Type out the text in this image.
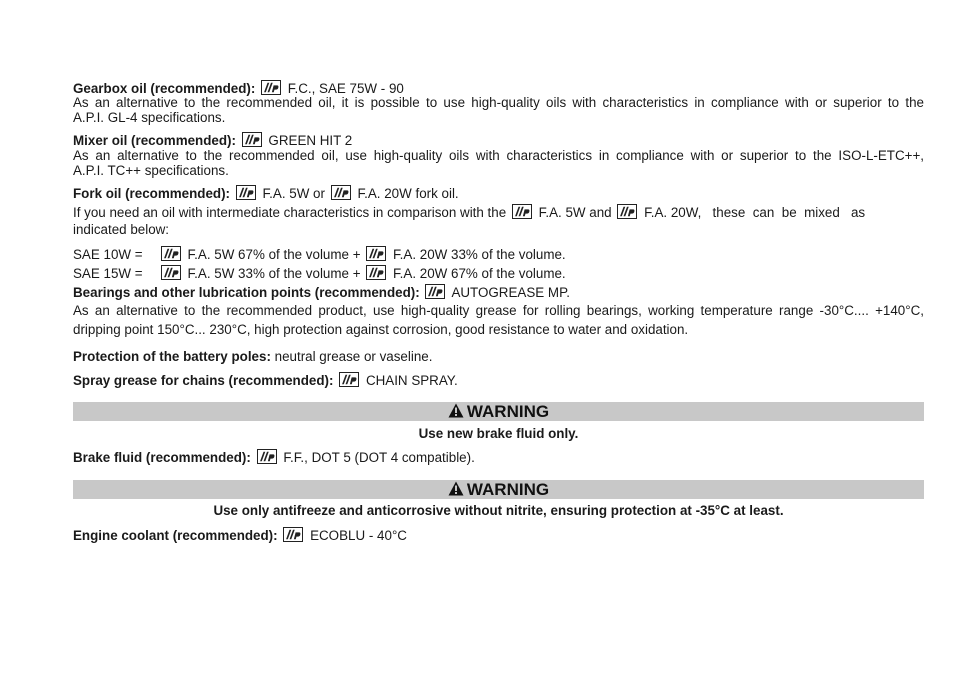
Gearbox oil (recommended): F.C., SAE 75W - 90
As an alternative to the recommended oil, it is possible to use high-quality oils with characteristics in compliance with or superior to the
A.P.I. GL-4 specifications.
Mixer oil (recommended): GREEN HIT 2
As an alternative to the recommended oil, use high-quality oils with characteristics in compliance with or superior to the ISO-L-ETC++,
A.P.I. TC++ specifications.
Fork oil (recommended): F.A. 5W or F.A. 20W fork oil.
If you need an oil with intermediate characteristics in comparison with the F.A. 5W and F.A. 20W,   these  can  be  mixed   as
indicated below:
SAE 10W =	F.A. 5W 67% of the volume + F.A. 20W 33% of the volume.
SAE 15W =	F.A. 5W 33% of the volume + F.A. 20W 67% of the volume.
Bearings and other lubrication points (recommended): AUTOGREASE MP.
As an alternative to the recommended product, use high-quality grease for rolling bearings, working temperature range -30°C.... +140°C,
dripping point 150°C... 230°C, high protection against corrosion, good resistance to water and oxidation.
Protection of the battery poles: neutral grease or vaseline.
Spray grease for chains (recommended): CHAIN SPRAY.
WARNING
Use new brake fluid only.
Brake fluid (recommended): F.F., DOT 5 (DOT 4 compatible).
WARNING
Use only antifreeze and anticorrosive without nitrite, ensuring protection at -35°C at least.
Engine coolant (recommended): ECOBLU - 40°C
